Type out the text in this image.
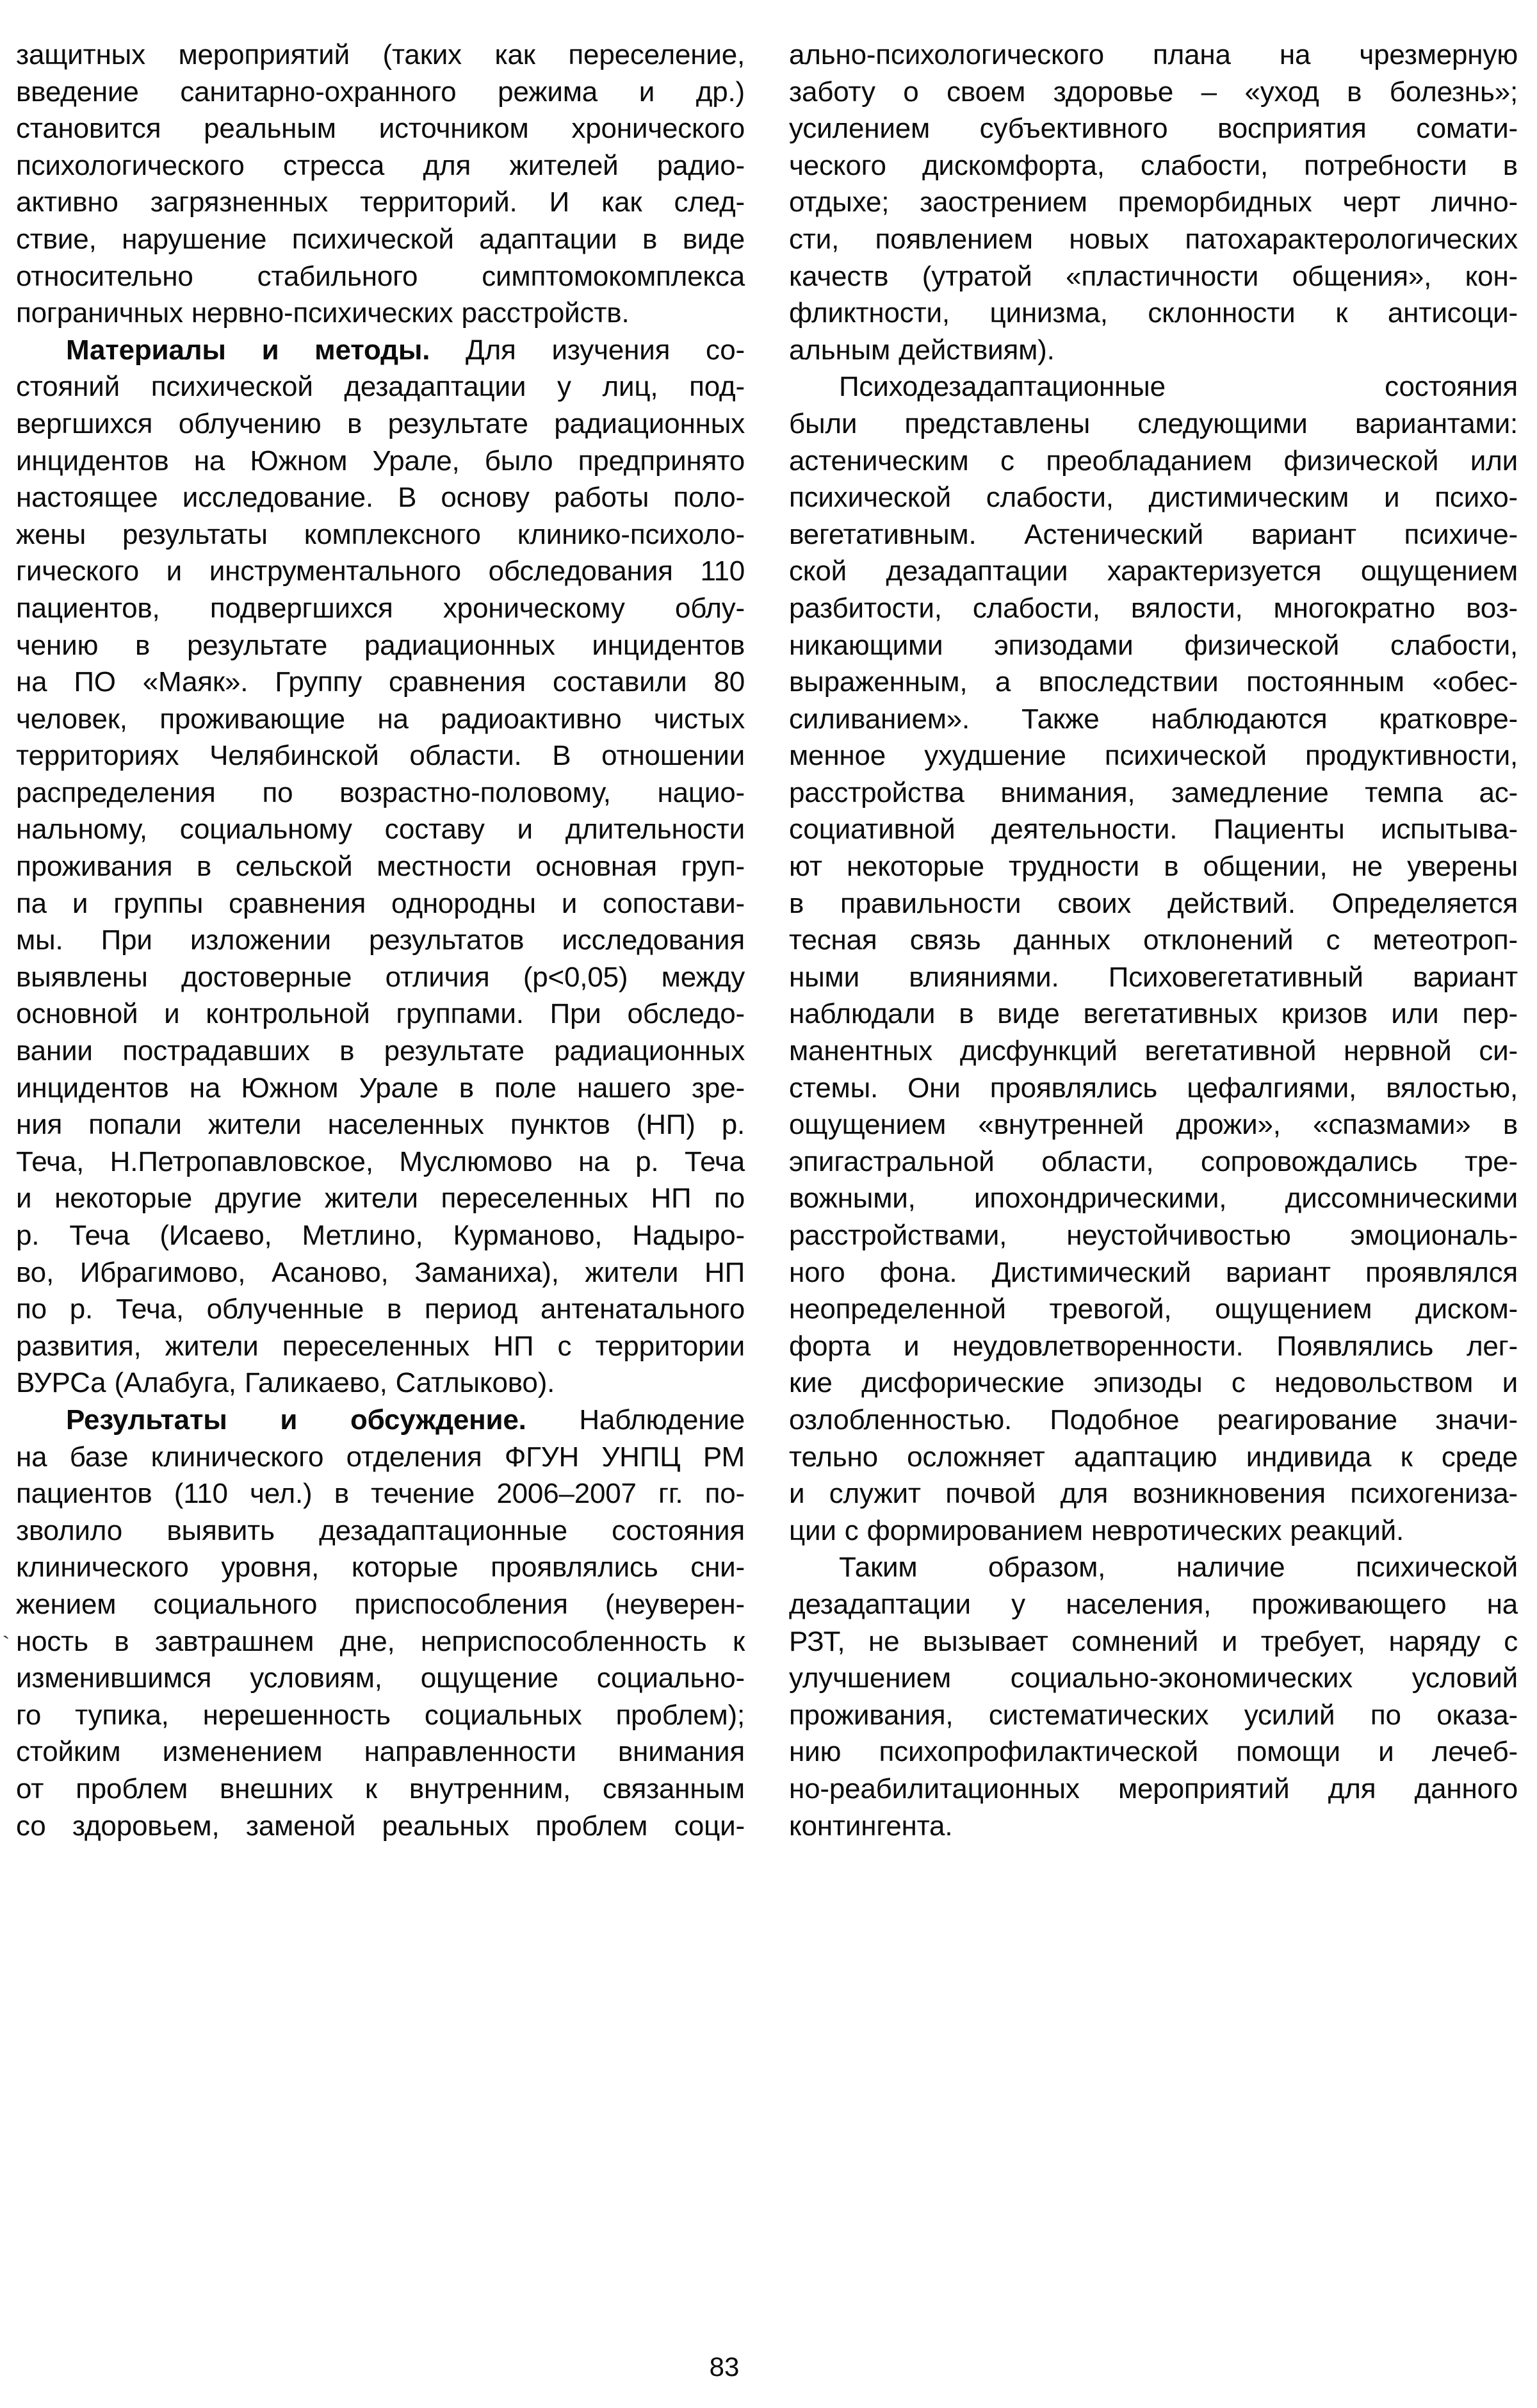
защитных мероприятий (таких как переселение,
введение санитарно-охранного режима и др.)
становится реальным источником хронического
психологического стресса для жителей радио-
активно загрязненных территорий. И как след-
ствие, нарушение психической адаптации в виде
относительно стабильного симптомокомплекса
пограничных нервно-психических расстройств.
Материалы и методы. Для изучения со-
стояний психической дезадаптации у лиц, под-
вергшихся облучению в результате радиационных
инцидентов на Южном Урале, было предпринято
настоящее исследование. В основу работы поло-
жены результаты комплексного клинико-психоло-
гического и инструментального обследования 110
пациентов, подвергшихся хроническому облу-
чению в результате радиационных инцидентов
на ПО «Маяк». Группу сравнения составили 80
человек, проживающие на радиоактивно чистых
территориях Челябинской области. В отношении
распределения по возрастно-половому, нацио-
нальному, социальному составу и длительности
проживания в сельской местности основная груп-
па и группы сравнения однородны и сопостави-
мы. При изложении результатов исследования
выявлены достоверные отличия (p<0,05) между
основной и контрольной группами. При обследо-
вании пострадавших в результате радиационных
инцидентов на Южном Урале в поле нашего зре-
ния попали жители населенных пунктов (НП) р.
Теча, Н.Петропавловское, Муслюмово на р. Теча
и некоторые другие жители переселенных НП по
р. Теча (Исаево, Метлино, Курманово, Надыро-
во, Ибрагимово, Асаново, Заманиха), жители НП
по р. Теча, облученные в период антенатального
развития, жители переселенных НП с территории
ВУРСа (Алабуга, Галикаево, Сатлыково).
Результаты и обсуждение. Наблюдение
на базе клинического отделения ФГУН УНПЦ РМ
пациентов (110 чел.) в течение 2006–2007 гг. по-
зволило выявить дезадаптационные состояния
клинического уровня, которые проявлялись сни-
жением социального приспособления (неуверен-
ность в завтрашнем дне, неприспособленность к
изменившимся условиям, ощущение социально-
го тупика, нерешенность социальных проблем);
стойким изменением направленности внимания
от проблем внешних к внутренним, связанным
со здоровьем, заменой реальных проблем соци-
ально-психологического плана на чрезмерную
заботу о своем здоровье – «уход в болезнь»;
усилением субъективного восприятия сомати-
ческого дискомфорта, слабости, потребности в
отдыхе; заострением преморбидных черт лично-
сти, появлением новых патохарактерологических
качеств (утратой «пластичности общения», кон-
фликтности, цинизма, склонности к антисоци-
альным действиям).
Психодезадаптационные состояния
были представлены следующими вариантами:
астеническим с преобладанием физической или
психической слабости, дистимическим и психо-
вегетативным. Астенический вариант психиче-
ской дезадаптации характеризуется ощущением
разбитости, слабости, вялости, многократно воз-
никающими эпизодами физической слабости,
выраженным, а впоследствии постоянным «обес-
силиванием». Также наблюдаются кратковре-
менное ухудшение психической продуктивности,
расстройства внимания, замедление темпа ас-
социативной деятельности. Пациенты испытыва-
ют некоторые трудности в общении, не уверены
в правильности своих действий. Определяется
тесная связь данных отклонений с метеотроп-
ными влияниями. Психовегетативный вариант
наблюдали в виде вегетативных кризов или пер-
манентных дисфункций вегетативной нервной си-
стемы. Они проявлялись цефалгиями, вялостью,
ощущением «внутренней дрожи», «спазмами» в
эпигастральной области, сопровождались тре-
вожными, ипохондрическими, диссомническими
расстройствами, неустойчивостью эмоциональ-
ного фона. Дистимический вариант проявлялся
неопределенной тревогой, ощущением диском-
форта и неудовлетворенности. Появлялись лег-
кие дисфорические эпизоды с недовольством и
озлобленностью. Подобное реагирование значи-
тельно осложняет адаптацию индивида к среде
и служит почвой для возникновения психогениза-
ции с формированием невротических реакций.
Таким образом, наличие психической
дезадаптации у населения, проживающего на
РЗТ, не вызывает сомнений и требует, наряду с
улучшением социально-экономических условий
проживания, систематических усилий по оказа-
нию психопрофилактической помощи и лечеб-
но-реабилитационных мероприятий для данного
контингента.
`
83
